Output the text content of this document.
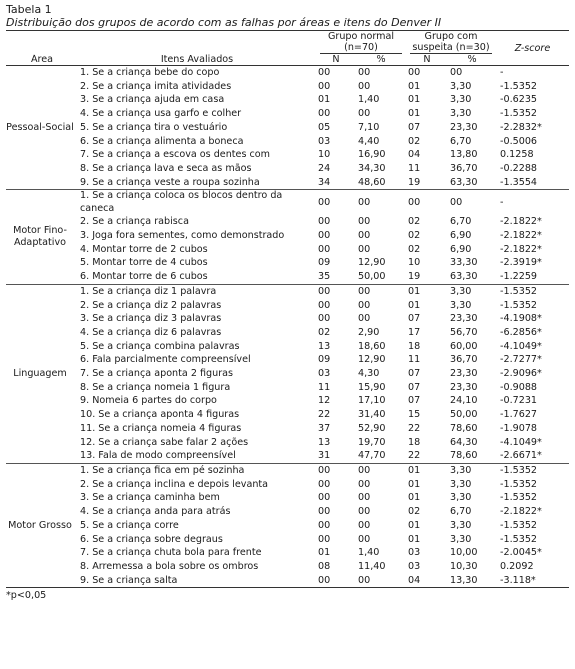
Tabela 1
Distribuição dos grupos de acordo com as falhas por áreas e itens do Denver II
		Grupo normal		Grupo com		
		(n=70)		suspeita (n=30)		Z-score
Área	Itens Avaliados	N	%	N	%	
Pessoal-Social	1. Se a criança bebe do copo	00	00	00	00	-
	2. Se a criança imita atividades	00	00	01	3,30	-1.5352
	3. Se a criança ajuda em casa	01	1,40	01	3,30	-0.6235
	4. Se a criança usa garfo e colher	00	00	01	3,30	-1.5352
	5. Se a criança tira o vestuário	05	7,10	07	23,30	-2.2832*
	6. Se a criança alimenta a boneca	03	4,40	02	6,70	-0.5006
	7. Se a criança a escova os dentes com	10	16,90	04	13,80	0.1258
	8. Se a criança lava e seca as mãos	24	34,30	11	36,70	-0.2288
	9. Se a criança veste a roupa sozinha	34	48,60	19	63,30	-1.3554
Motor Fino-Adaptativo	1. Se a criança coloca os blocos dentro da caneca	00	00	00	00	-
	2. Se a criança rabisca	00	00	02	6,70	-2.1822*
	3. Joga fora sementes, como demonstrado	00	00	02	6,90	-2.1822*
	4. Montar torre de 2 cubos	00	00	02	6,90	-2.1822*
	5. Montar torre de 4 cubos	09	12,90	10	33,30	-2.3919*
	6. Montar torre de 6 cubos	35	50,00	19	63,30	-1.2259
Linguagem	1. Se a criança diz 1 palavra	00	00	01	3,30	-1.5352
	2. Se a criança diz 2 palavras	00	00	01	3,30	-1.5352
	3. Se a criança diz 3 palavras	00	00	07	23,30	-4.1908*
	4. Se a criança diz 6 palavras	02	2,90	17	56,70	-6.2856*
	5. Se a criança combina palavras	13	18,60	18	60,00	-4.1049*
	6. Fala parcialmente compreensível	09	12,90	11	36,70	-2.7277*
	7. Se a criança aponta 2 figuras	03	4,30	07	23,30	-2.9096*
	8. Se a criança nomeia 1 figura	11	15,90	07	23,30	-0.9088
	9. Nomeia 6 partes do corpo	12	17,10	07	24,10	-0.7231
	10. Se a criança aponta 4 figuras	22	31,40	15	50,00	-1.7627
	11. Se a criança nomeia 4 figuras	37	52,90	22	78,60	-1.9078
	12. Se a criança sabe falar 2 ações	13	19,70	18	64,30	-4.1049*
	13. Fala de modo compreensível	31	47,70	22	78,60	-2.6671*
Motor Grosso	1. Se a criança fica em pé sozinha	00	00	01	3,30	-1.5352
	2. Se a criança inclina e depois levanta	00	00	01	3,30	-1.5352
	3. Se a criança caminha bem	00	00	01	3,30	-1.5352
	4. Se a criança anda para atrás	00	00	02	6,70	-2.1822*
	5. Se a criança corre	00	00	01	3,30	-1.5352
	6. Se a criança sobre degraus	00	00	01	3,30	-1.5352
	7. Se a criança chuta bola para frente	01	1,40	03	10,00	-2.0045*
	8. Arremessa a bola sobre os ombros	08	11,40	03	10,30	0.2092
	9. Se a criança salta	00	00	04	13,30	-3.118*
*p<0,05
